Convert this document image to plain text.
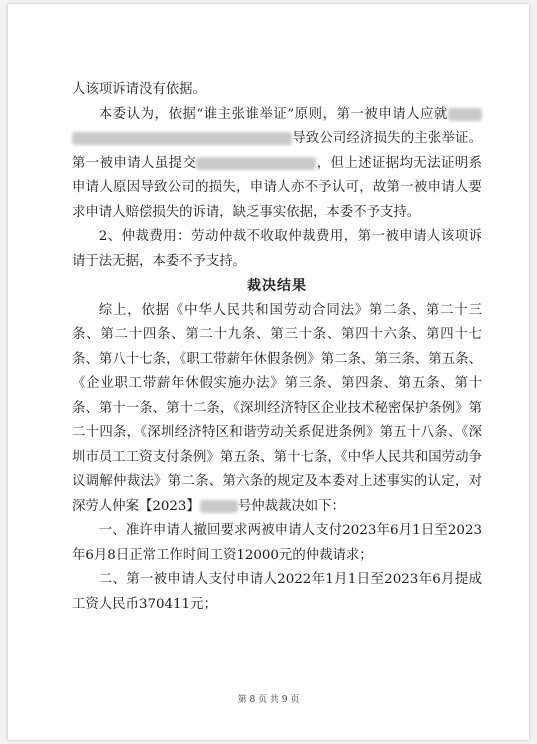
人该项诉请没有依据。

本委认为，依据“谁主张谁举证”原则，第一被申请人应就导致公司经济损失的主张举证。第一被申请人虽提交	，但上述证据均无法证明系申请人原因导致公司的损失，申请人亦不予认可，故第一被申请人要求申请人赔偿损失的诉请，缺乏事实依据，本委不予支持。

2、仲裁费用：劳动仲裁不收取仲裁费用，第一被申请人该项诉请于法无据，本委不予支持。

裁决结果

综上，依据《中华人民共和国劳动合同法》第二条、第二十三条、第二十四条、第二十九条、第三十条、第四十六条、第四十七条、第八十七条，《职工带薪年休假条例》第二条、第三条、第五条、《企业职工带薪年休假实施办法》第三条、第四条、第五条、第十条、第十一条、第十二条，《深圳经济特区企业技术秘密保护条例》第二十四条，《深圳经济特区和谐劳动关系促进条例》第五十八条、《深圳市员工工资支付条例》第五条、第十七条，《中华人民共和国劳动争议调解仲裁法》第二条、第六条的规定及本委对上述事实的认定，对深劳人仲案【2023】	号仲裁裁决如下：

一、准许申请人撤回要求两被申请人支付2023年6月1日至2023年6月8日正常工作时间工资12000元的仲裁请求；

二、第一被申请人支付申请人2022年1月1日至2023年6月提成工资人民币370411元；

第 8 页 共 9 页
